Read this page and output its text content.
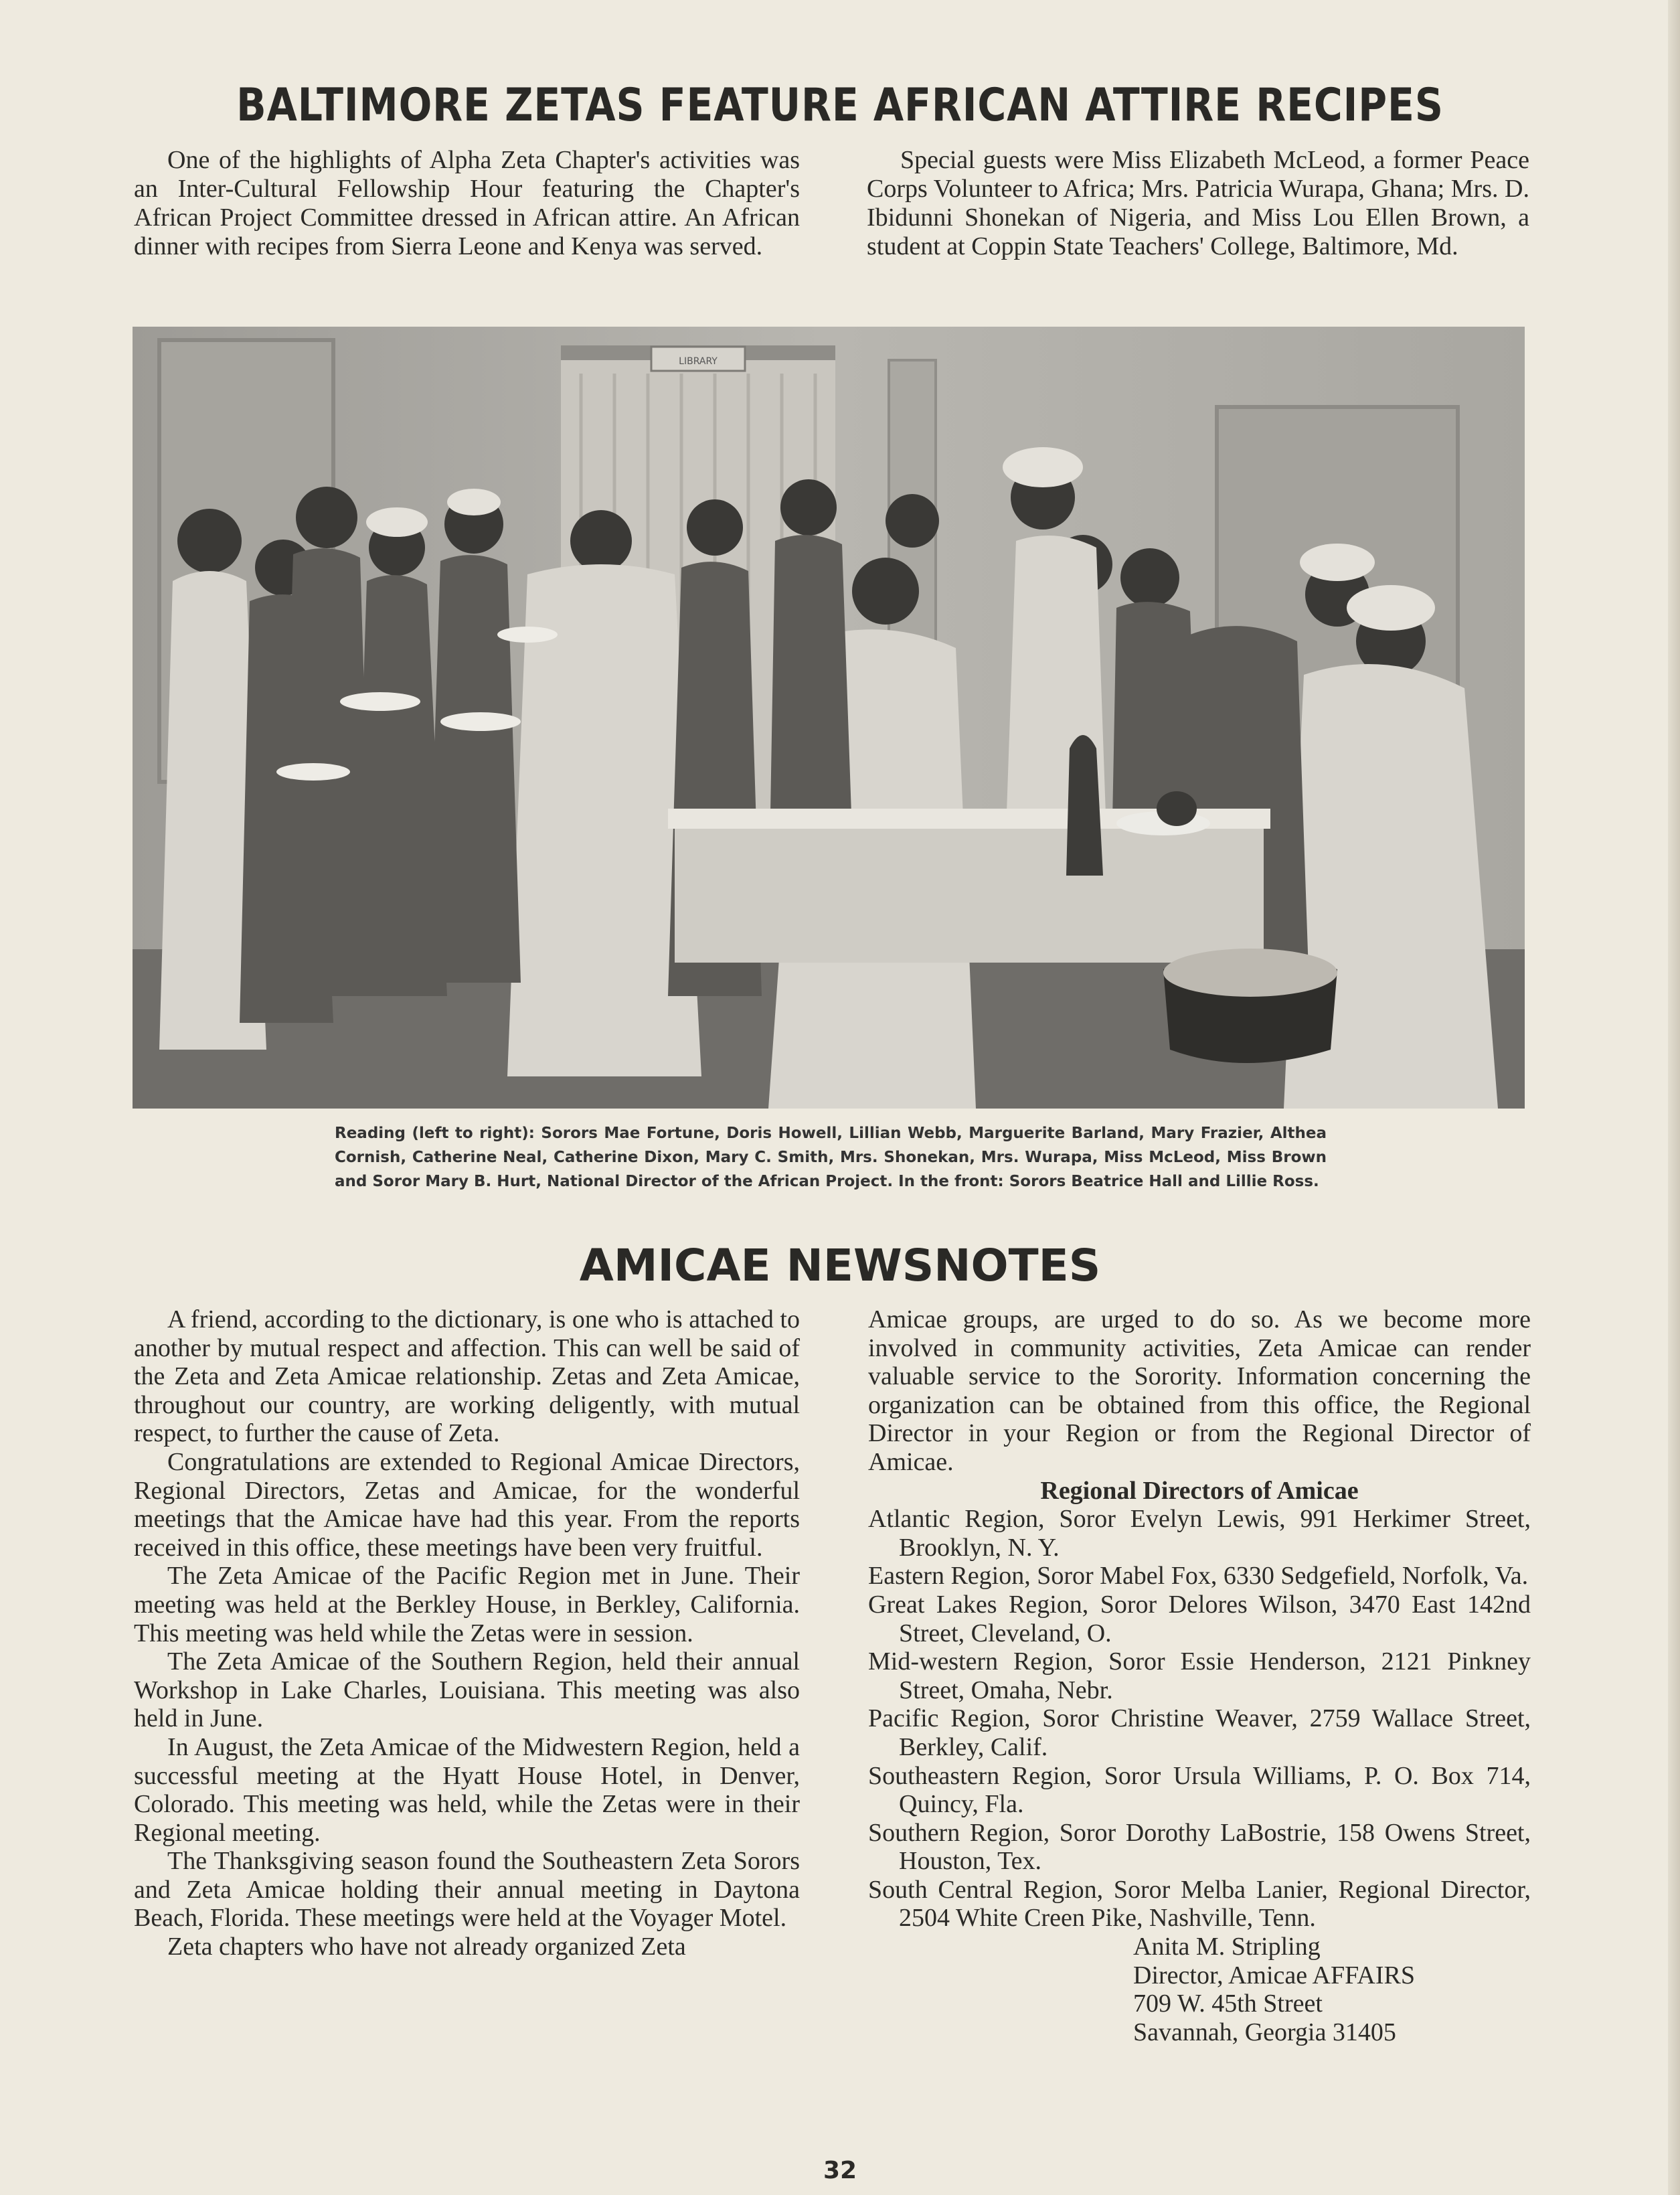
BALTIMORE ZETAS FEATURE AFRICAN ATTIRE RECIPES

One of the highlights of Alpha Zeta Chapter's activities was an Inter-Cultural Fellowship Hour featuring the Chapter's African Project Committee dressed in African attire. An African dinner with recipes from Sierra Leone and Kenya was served.

Special guests were Miss Elizabeth McLeod, a former Peace Corps Volunteer to Africa; Mrs. Patricia Wurapa, Ghana; Mrs. D. Ibidunni Shonekan of Nigeria, and Miss Lou Ellen Brown, a student at Coppin State Teachers' College, Baltimore, Md.

LIBRARY
Reading (left to right): Sorors Mae Fortune, Doris Howell, Lillian Webb, Marguerite Barland, Mary Frazier, Althea Cornish, Catherine Neal, Catherine Dixon, Mary C. Smith, Mrs. Shonekan, Mrs. Wurapa, Miss McLeod, Miss Brown and Soror Mary B. Hurt, National Director of the African Project. In the front: Sorors Beatrice Hall and Lillie Ross.
AMICAE NEWSNOTES

A friend, according to the dictionary, is one who is attached to another by mutual respect and affection. This can well be said of the Zeta and Zeta Amicae relationship. Zetas and Zeta Amicae, throughout our country, are working deligently, with mutual respect, to further the cause of Zeta.

Congratulations are extended to Regional Amicae Directors, Regional Directors, Zetas and Amicae, for the wonderful meetings that the Amicae have had this year. From the reports received in this office, these meetings have been very fruitful.

The Zeta Amicae of the Pacific Region met in June. Their meeting was held at the Berkley House, in Berkley, California. This meeting was held while the Zetas were in session.

The Zeta Amicae of the Southern Region, held their annual Workshop in Lake Charles, Louisiana. This meeting was also held in June.

In August, the Zeta Amicae of the Midwestern Region, held a successful meeting at the Hyatt House Hotel, in Denver, Colorado. This meeting was held, while the Zetas were in their Regional meeting.

The Thanksgiving season found the Southeastern Zeta Sorors and Zeta Amicae holding their annual meeting in Daytona Beach, Florida. These meetings were held at the Voyager Motel.

Zeta chapters who have not already organized Zeta

Amicae groups, are urged to do so. As we become more involved in community activities, Zeta Amicae can render valuable service to the Sorority. Information concerning the organization can be obtained from this office, the Regional Director in your Region or from the Regional Director of Amicae.

Regional Directors of Amicae

Atlantic Region, Soror Evelyn Lewis, 991 Herkimer Street, Brooklyn, N. Y.

Eastern Region, Soror Mabel Fox, 6330 Sedgefield, Norfolk, Va.

Great Lakes Region, Soror Delores Wilson, 3470 East 142nd Street, Cleveland, O.

Mid-western Region, Soror Essie Henderson, 2121 Pinkney Street, Omaha, Nebr.

Pacific Region, Soror Christine Weaver, 2759 Wallace Street, Berkley, Calif.

Southeastern Region, Soror Ursula Williams, P. O. Box 714, Quincy, Fla.

Southern Region, Soror Dorothy LaBostrie, 158 Owens Street, Houston, Tex.

South Central Region, Soror Melba Lanier, Regional Director, 2504 White Creen Pike, Nashville, Tenn.

Anita M. Stripling
Director, Amicae AFFAIRS
709 W. 45th Street
Savannah, Georgia 31405
32
